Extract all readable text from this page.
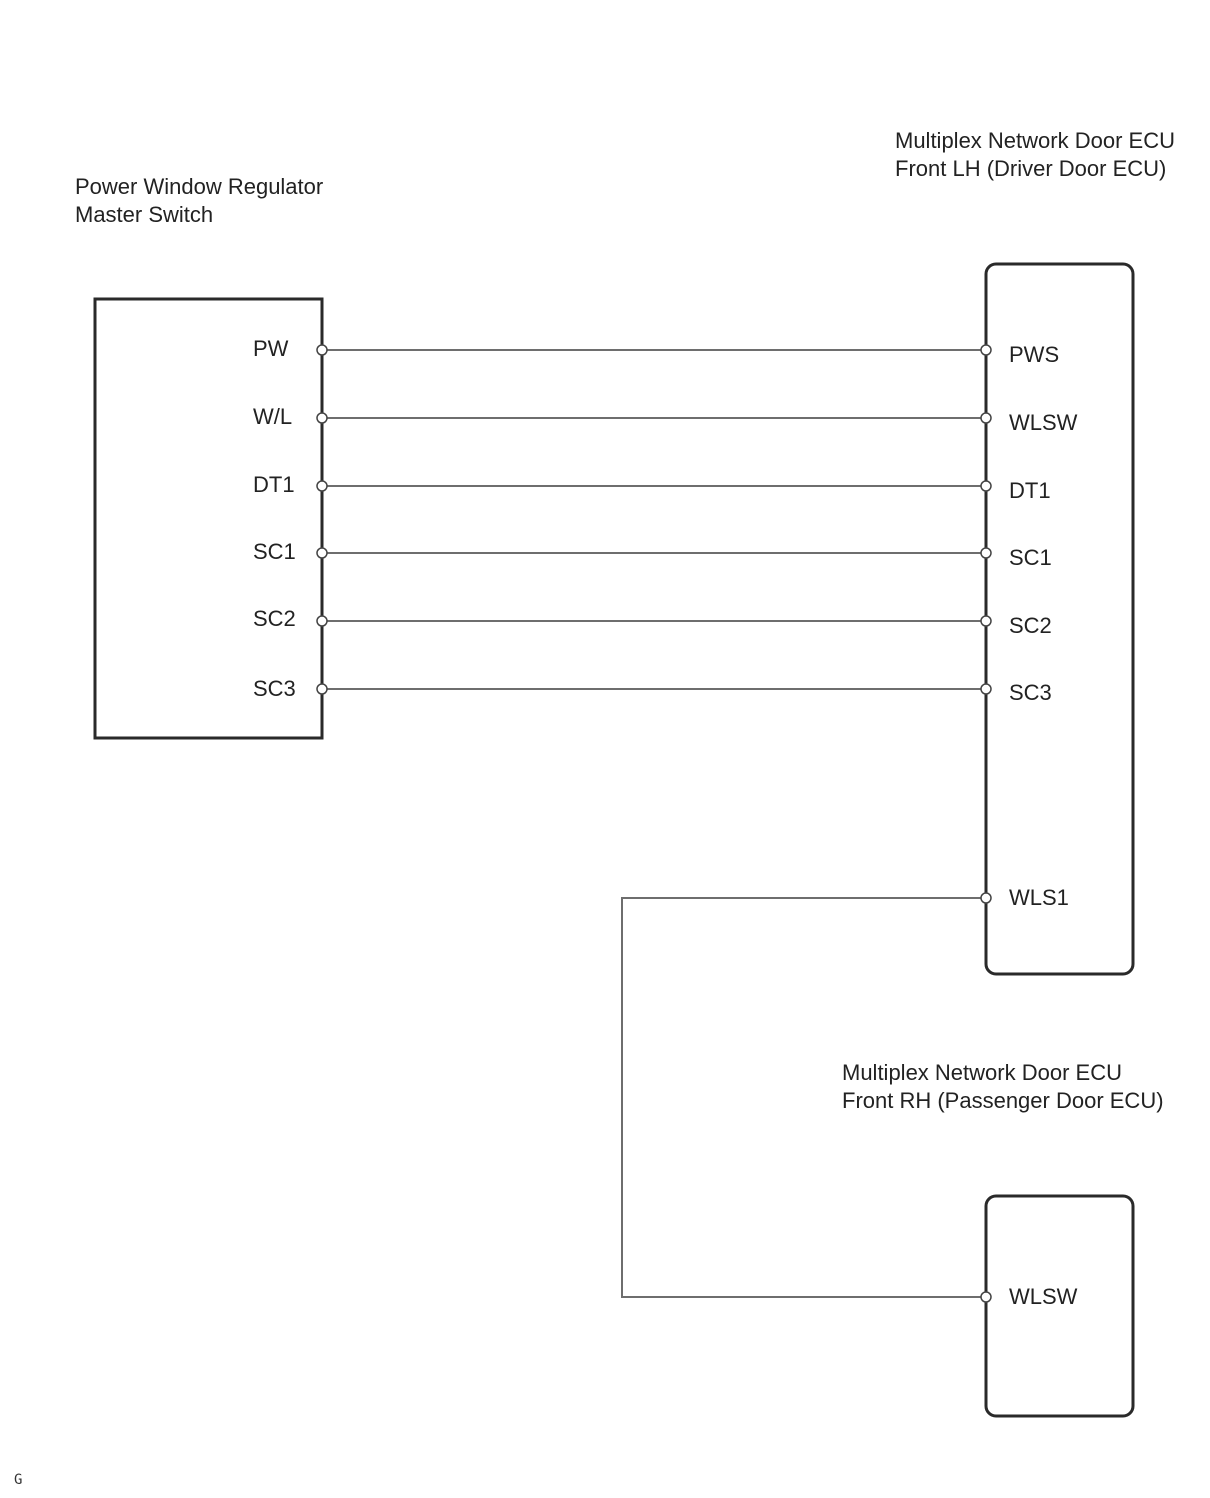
Power Window Regulator
Master Switch
Multiplex Network Door ECU
Front LH (Driver Door ECU)
Multiplex Network Door ECU
Front RH (Passenger Door ECU)
PW
W/L
DT1
SC1
SC2
SC3
PWS
WLSW
DT1
SC1
SC2
SC3
WLS1
WLSW
G
